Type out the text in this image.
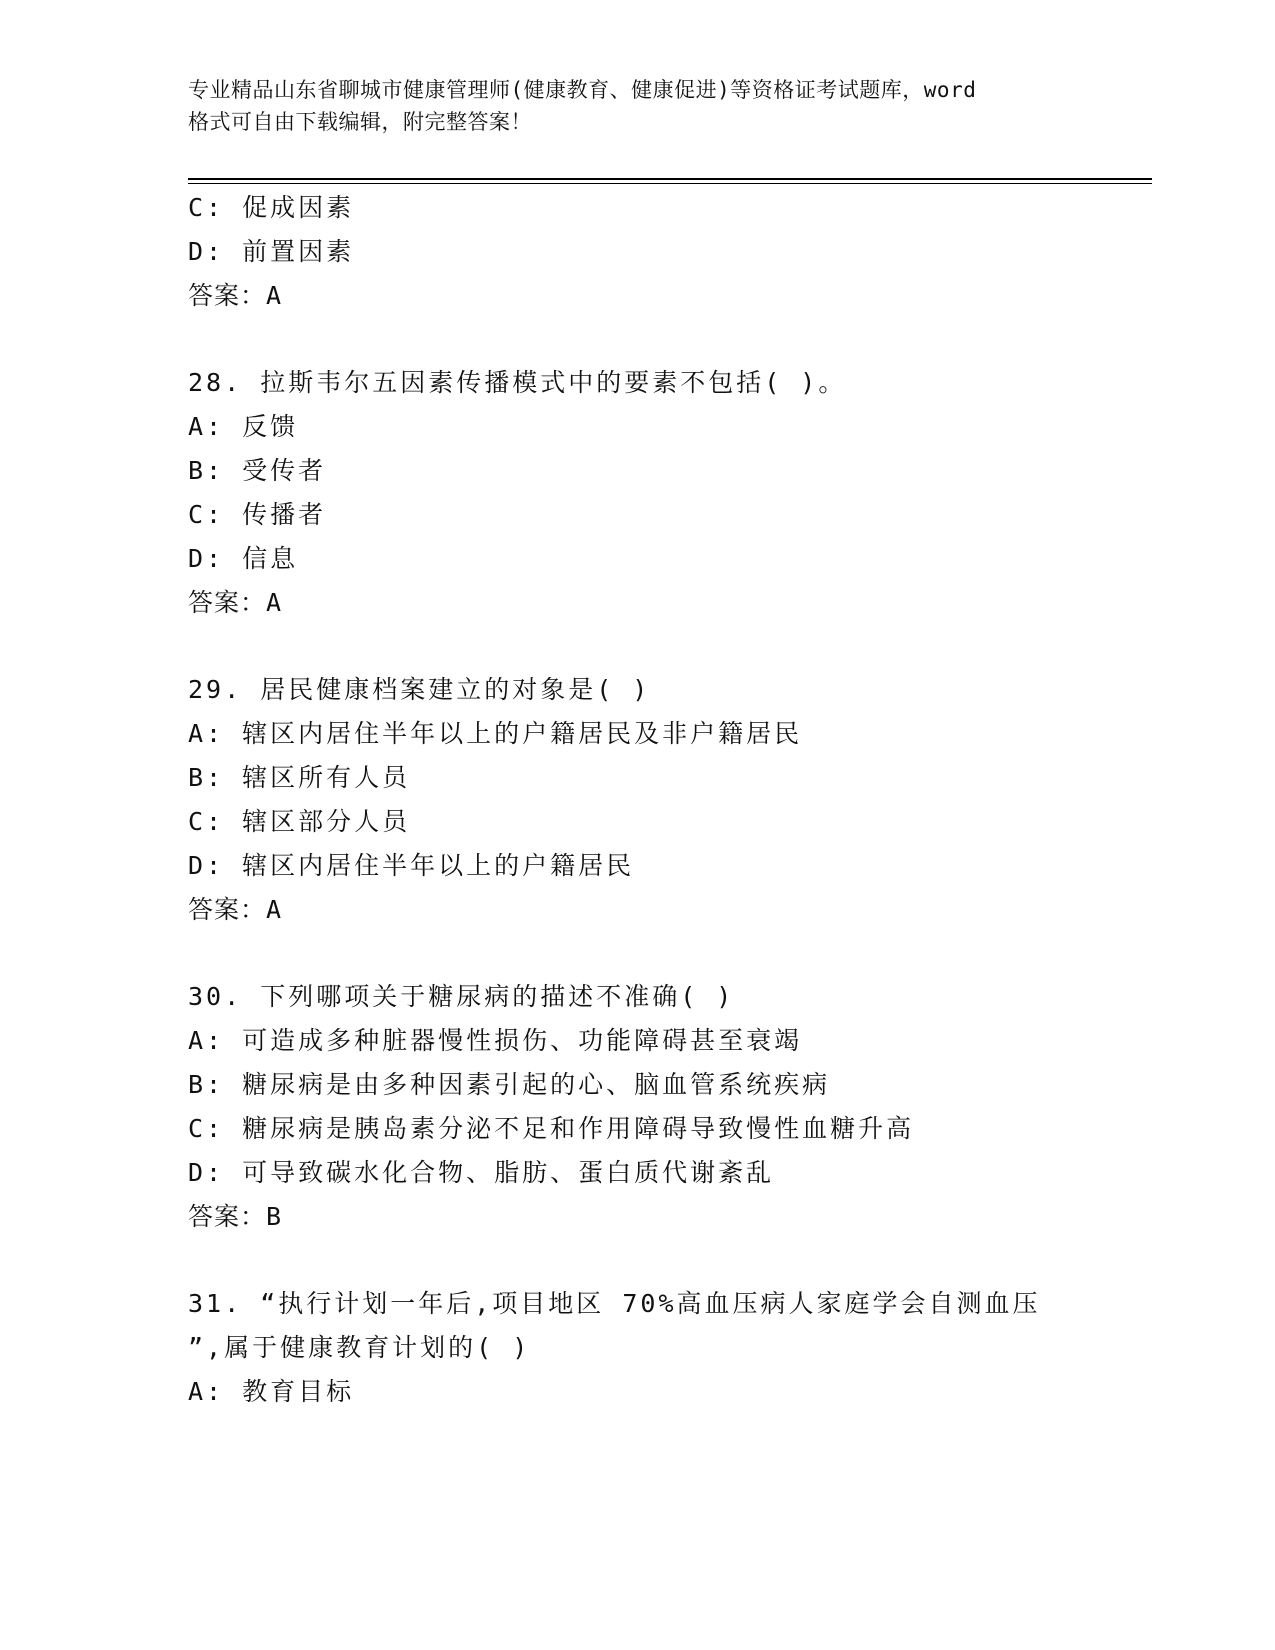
专业精品山东省聊城市健康管理师(健康教育、健康促进)等资格证考试题库，word
格式可自由下载编辑，附完整答案！
C: 促成因素
D: 前置因素
答案：A
28. 拉斯韦尔五因素传播模式中的要素不包括( )。
A: 反馈
B: 受传者
C: 传播者
D: 信息
答案：A
29. 居民健康档案建立的对象是( )
A: 辖区内居住半年以上的户籍居民及非户籍居民
B: 辖区所有人员
C: 辖区部分人员
D: 辖区内居住半年以上的户籍居民
答案：A
30. 下列哪项关于糖尿病的描述不准确( )
A: 可造成多种脏器慢性损伤、功能障碍甚至衰竭
B: 糖尿病是由多种因素引起的心、脑血管系统疾病
C: 糖尿病是胰岛素分泌不足和作用障碍导致慢性血糖升高
D: 可导致碳水化合物、脂肪、蛋白质代谢紊乱
答案：B
31. “执行计划一年后,项目地区 70%高血压病人家庭学会自测血压
”,属于健康教育计划的( )
A: 教育目标
